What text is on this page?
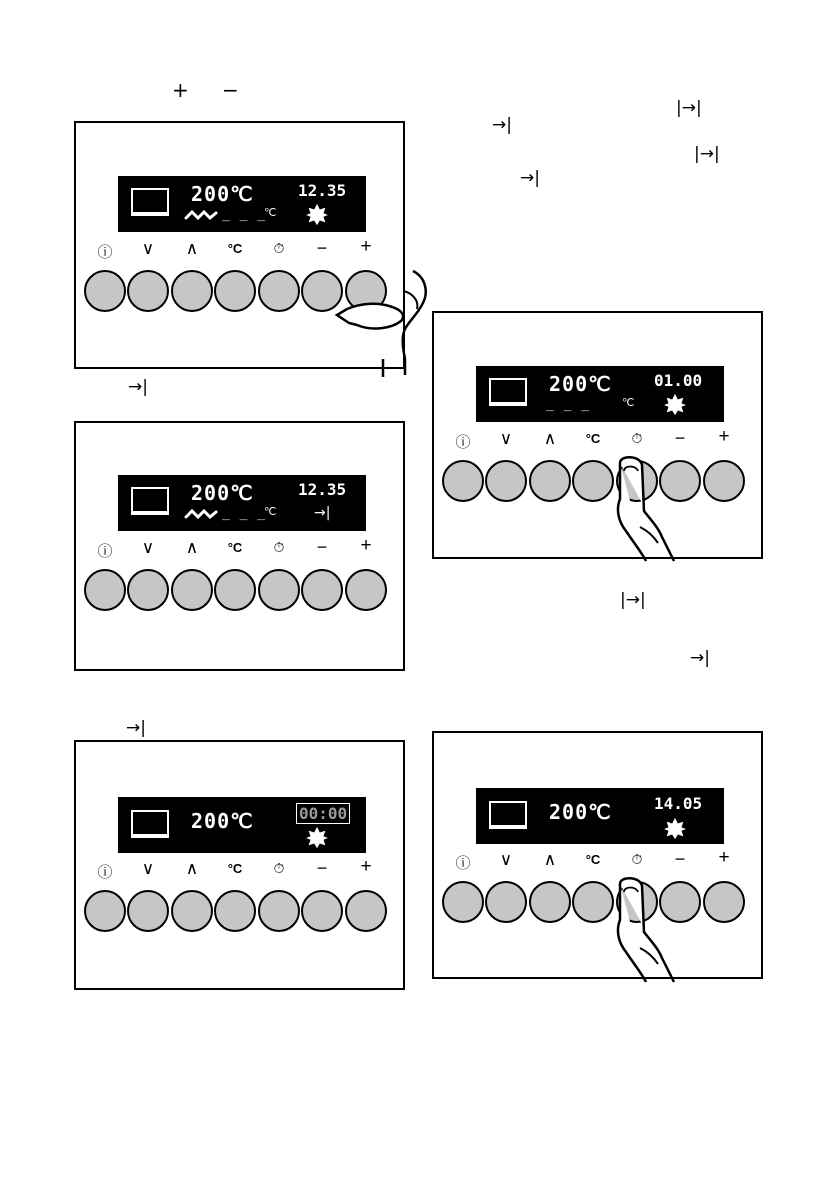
+ −
|→|
→|
|→|
→|
→|
|→|
→|
→|
200℃	12.35
_ _ _
℃
ⓘ	∨	∧	°C	⏱	−	+
200℃	12.35
_ _ _
℃	→|
ⓘ	∨	∧	°C	⏱	−	+
200℃	00:00
ⓘ	∨	∧	°C	⏱	−	+
200℃	01.00
_ _ _	℃
ⓘ	∨	∧	°C	⏱	−	+
200℃	14.05
ⓘ	∨	∧	°C	⏱	−	+
